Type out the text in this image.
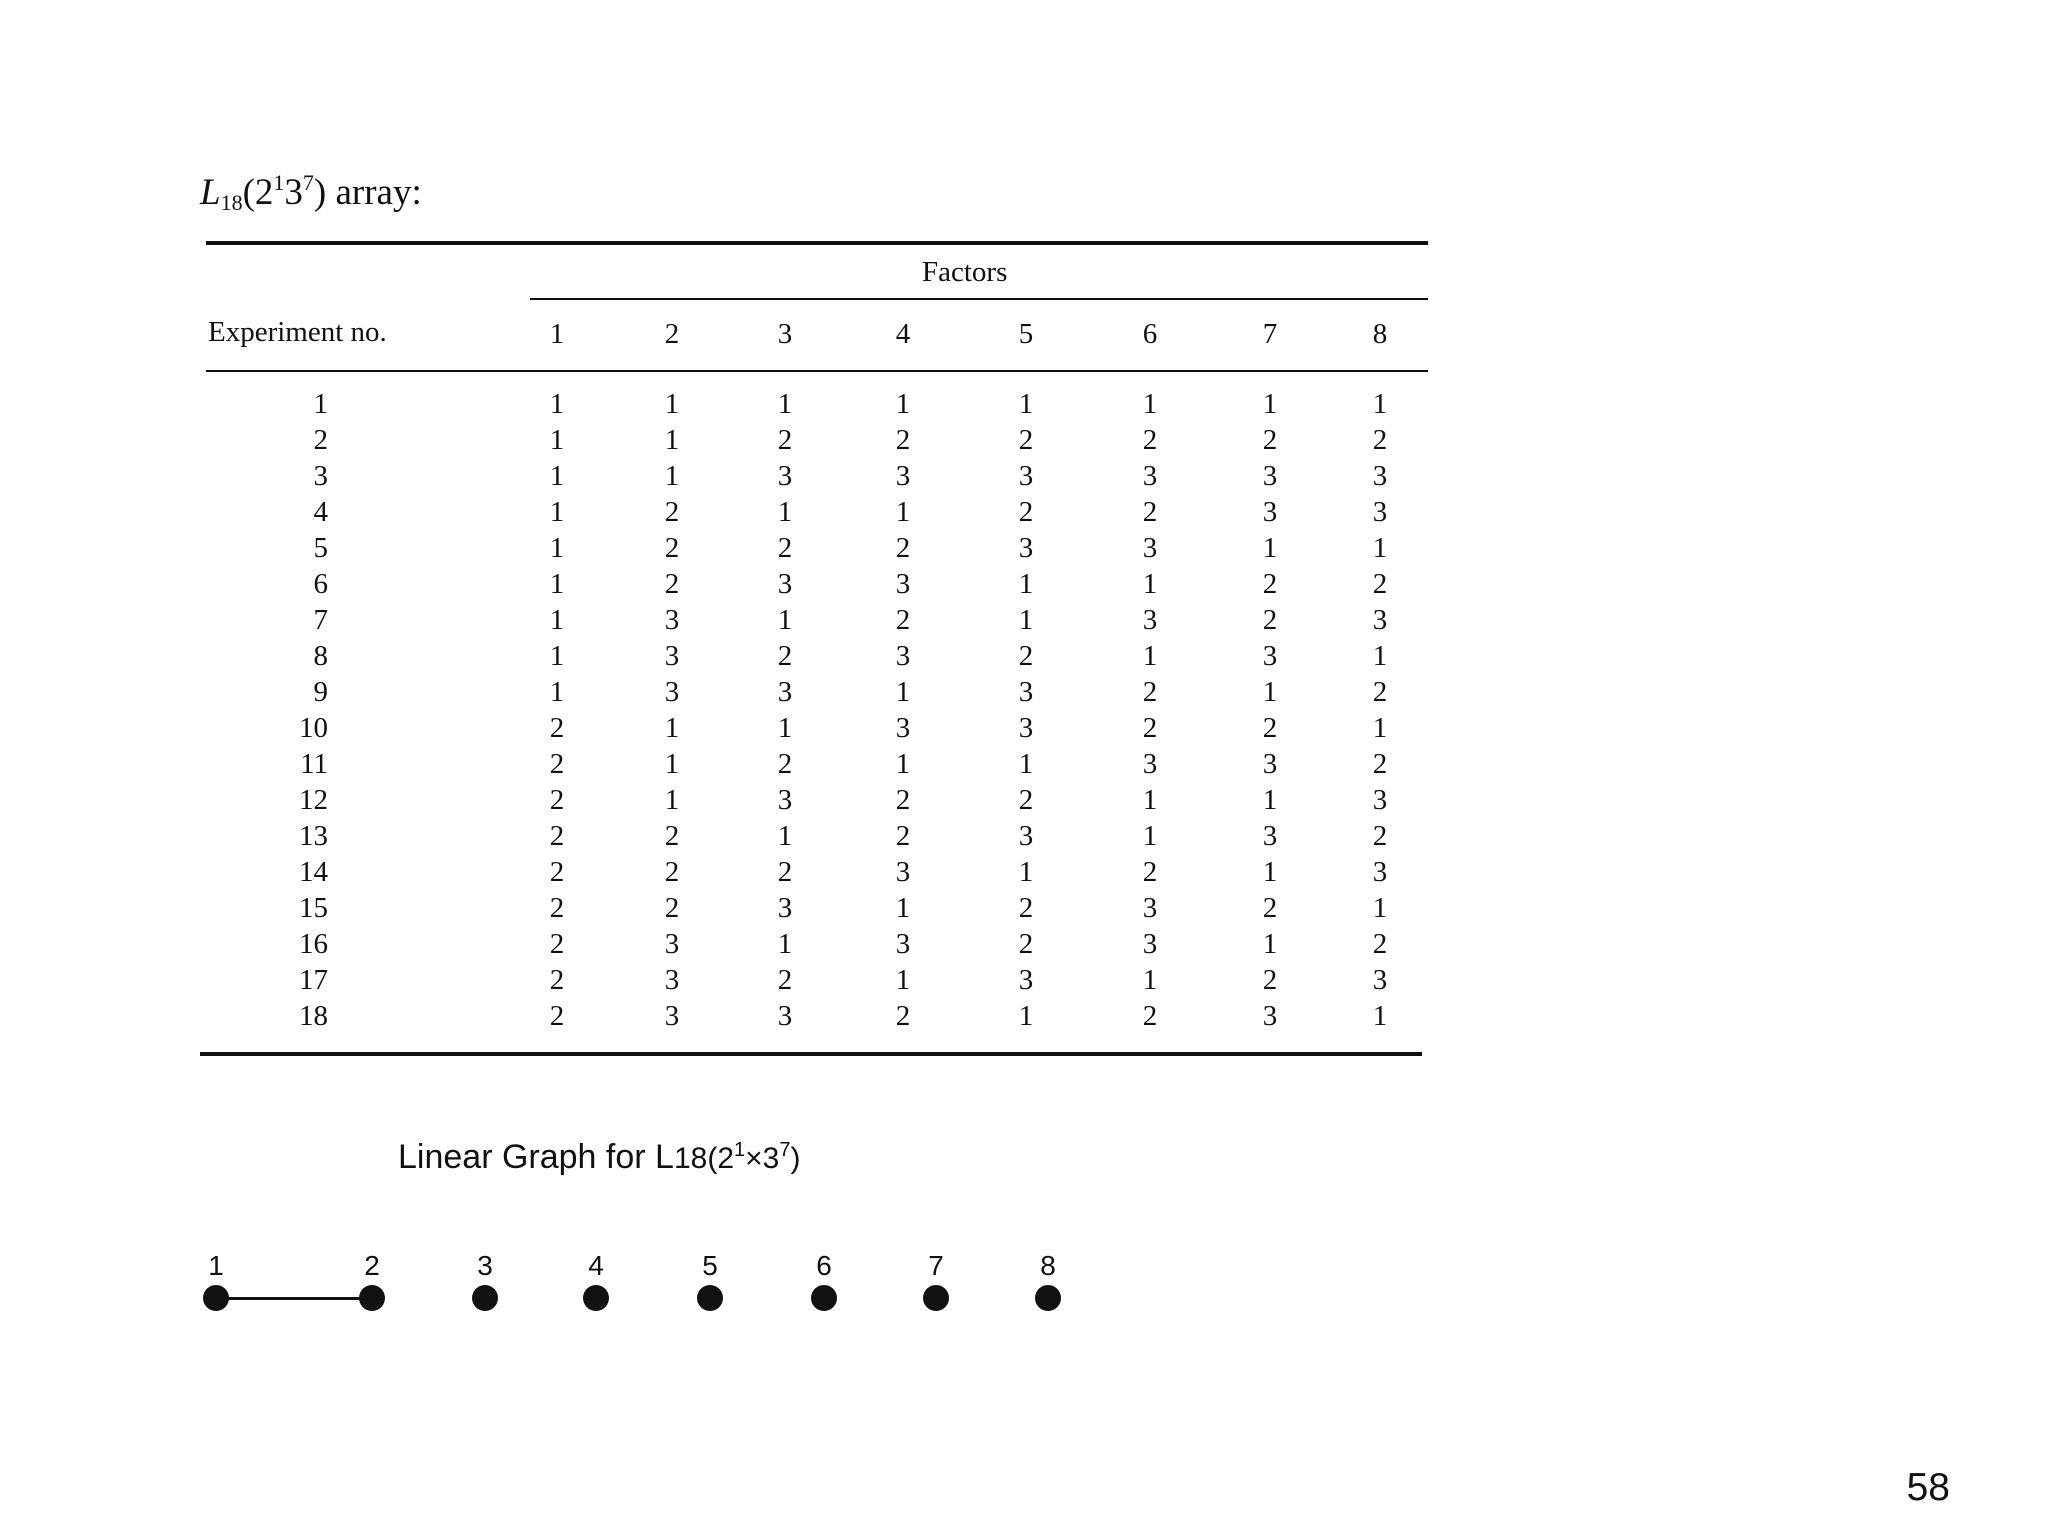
$L_{18}(2^13^7)$ array:
Factors
Experiment no.	1	2	3	4	5	6	7	8
1	1	1	1	1	1	1	1	1
2	1	1	2	2	2	2	2	2
3	1	1	3	3	3	3	3	3
4	1	2	1	1	2	2	3	3
5	1	2	2	2	3	3	1	1
6	1	2	3	3	1	1	2	2
7	1	3	1	2	1	3	2	3
8	1	3	2	3	2	1	3	1
9	1	3	3	1	3	2	1	2
10	2	1	1	3	3	2	2	1
11	2	1	2	1	1	3	3	2
12	2	1	3	2	2	1	1	3
13	2	2	1	2	3	1	3	2
14	2	2	2	3	1	2	1	3
15	2	2	3	1	2	3	2	1
16	2	3	1	3	2	3	1	2
17	2	3	2	1	3	1	2	3
18	2	3	3	2	1	2	3	1
Linear Graph for $L18(2^1\times 3^7)$
1	2	3	4	5	6	7	8
58
